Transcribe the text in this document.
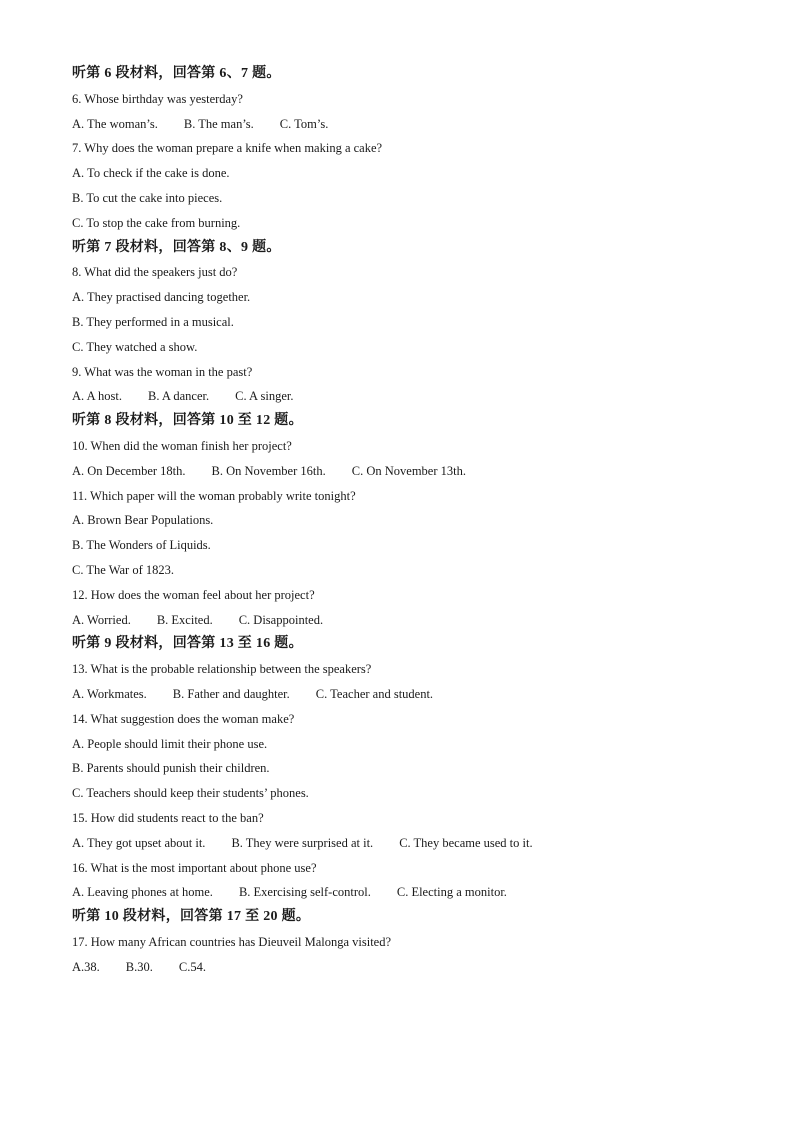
听第 6 段材料，回答第 6、7 题。
6. Whose birthday was yesterday?
A. The woman’s. B. The man’s. C. Tom’s.
7. Why does the woman prepare a knife when making a cake?
A. To check if the cake is done.
B. To cut the cake into pieces.
C. To stop the cake from burning.
听第 7 段材料，回答第 8、9 题。
8. What did the speakers just do?
A. They practised dancing together.
B. They performed in a musical.
C. They watched a show.
9. What was the woman in the past?
A. A host. B. A dancer. C. A singer.
听第 8 段材料，回答第 10 至 12 题。
10. When did the woman finish her project?
A. On December 18th. B. On November 16th. C. On November 13th.
11. Which paper will the woman probably write tonight?
A. Brown Bear Populations.
B. The Wonders of Liquids.
C. The War of 1823.
12. How does the woman feel about her project?
A. Worried. B. Excited. C. Disappointed.
听第 9 段材料，回答第 13 至 16 题。
13. What is the probable relationship between the speakers?
A. Workmates. B. Father and daughter. C. Teacher and student.
14. What suggestion does the woman make?
A. People should limit their phone use.
B. Parents should punish their children.
C. Teachers should keep their students’ phones.
15. How did students react to the ban?
A. They got upset about it. B. They were surprised at it. C. They became used to it.
16. What is the most important about phone use?
A. Leaving phones at home. B. Exercising self-control. C. Electing a monitor.
听第 10 段材料，回答第 17 至 20 题。
17. How many African countries has Dieuveil Malonga visited?
A.38. B.30. C.54.
